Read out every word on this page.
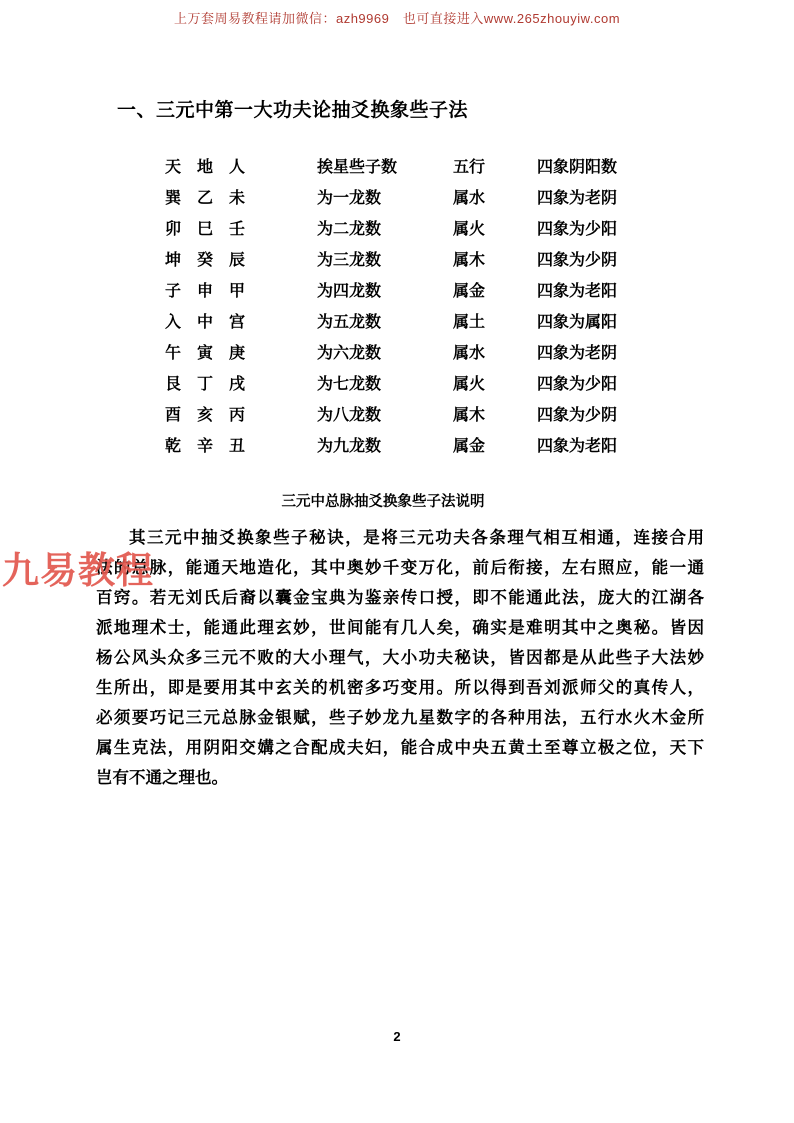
上万套周易教程请加微信：azh9969　也可直接进入www.265zhouyiw.com
一、三元中第一大功夫论抽爻换象些子法
天　地　人	挨星些子数	五行	四象阴阳数
巽　乙　未	为一龙数	属水	四象为老阴
卯　巳　壬	为二龙数	属火	四象为少阳
坤　癸　辰	为三龙数	属木	四象为少阴
子　申　甲	为四龙数	属金	四象为老阳
入　中　宫	为五龙数	属土	四象为属阳
午　寅　庚	为六龙数	属水	四象为老阴
艮　丁　戌	为七龙数	属火	四象为少阳
酉　亥　丙	为八龙数	属木	四象为少阴
乾　辛　丑	为九龙数	属金	四象为老阳
三元中总脉抽爻换象些子法说明
其三元中抽爻换象些子秘诀，是将三元功夫各条理气相互相通，连接合用
法的总脉，能通天地造化，其中奥妙千变万化，前后衔接，左右照应，能一通
百窍。若无刘氏后裔以囊金宝典为鉴亲传口授，即不能通此法，庞大的江湖各
派地理术士，能通此理玄妙，世间能有几人矣，确实是难明其中之奥秘。皆因
杨公风头众多三元不败的大小理气，大小功夫秘诀，皆因都是从此些子大法妙
生所出，即是要用其中玄关的机密多巧变用。所以得到吾刘派师父的真传人，
必须要巧记三元总脉金银赋，些子妙龙九星数字的各种用法，五行水火木金所
属生克法，用阴阳交媾之合配成夫妇，能合成中央五黄土至尊立极之位，天下
岂有不通之理也。
九易教程
2
